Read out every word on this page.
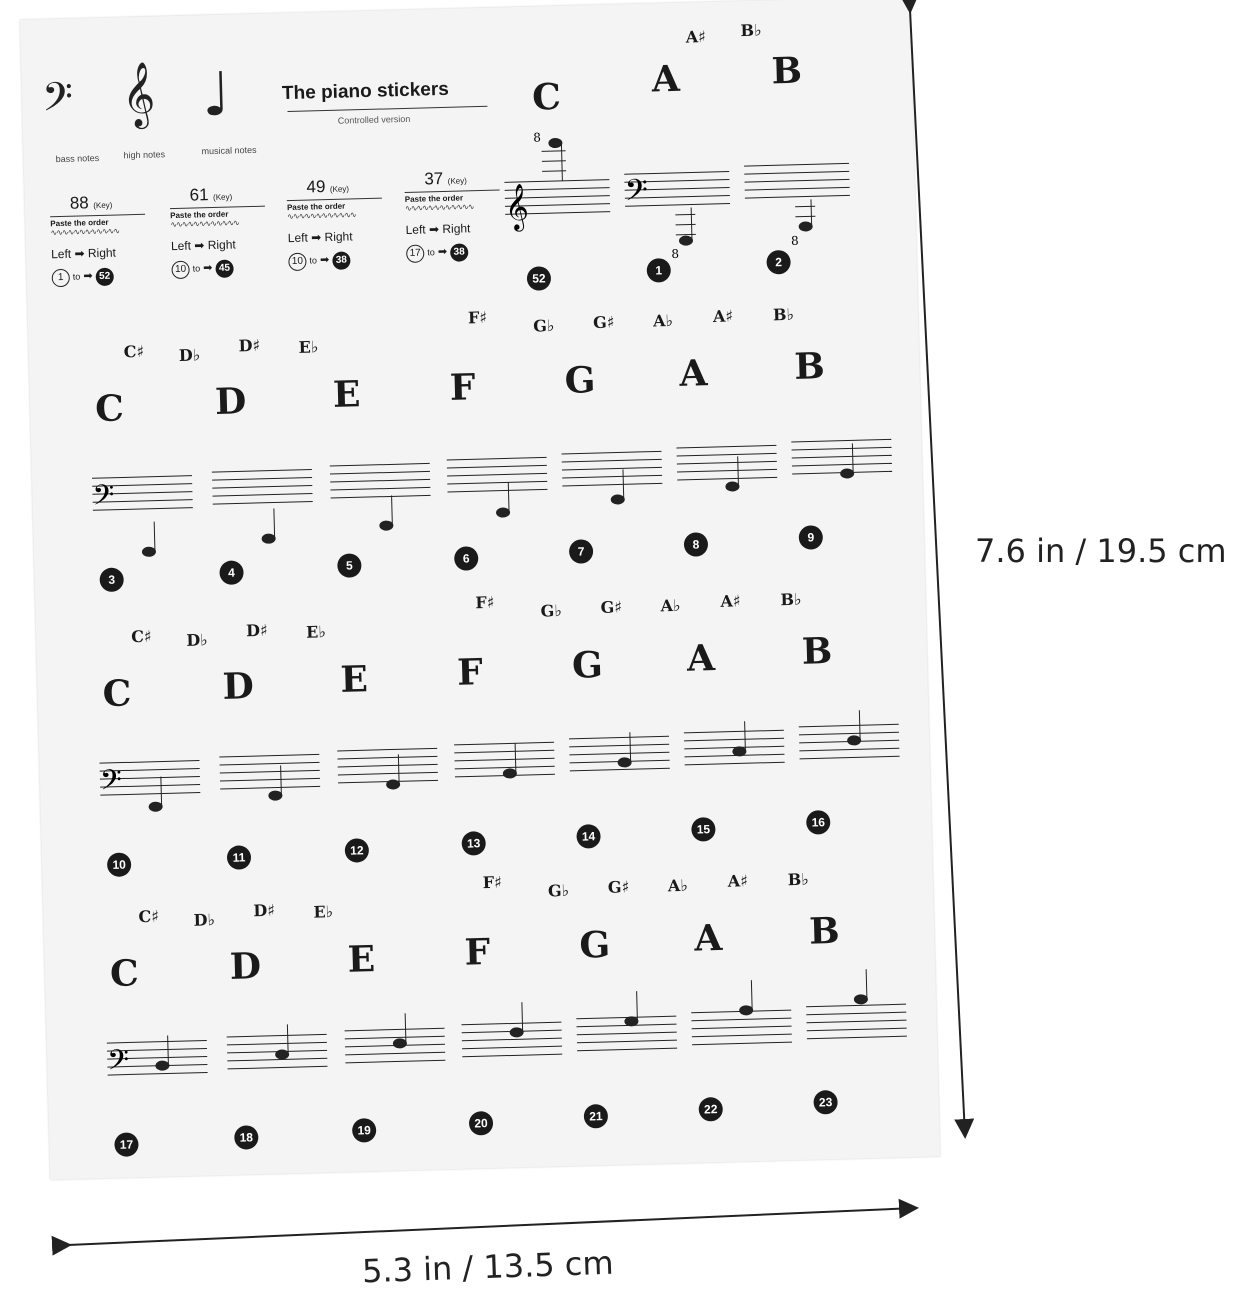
𝄢
bass notes
𝄞
high notes
♩
musical notes
The piano stickers
Controlled version
88 (Key)
Paste the order
∿∿∿∿∿∿∿∿∿∿∿∿
Left ➡ Right
1 to ➡ 52
61 (Key)
Paste the order
∿∿∿∿∿∿∿∿∿∿∿∿
Left ➡ Right
10 to ➡ 45
49 (Key)
Paste the order
∿∿∿∿∿∿∿∿∿∿∿∿
Left ➡ Right
10 to ➡ 38
37 (Key)
Paste the order
∿∿∿∿∿∿∿∿∿∿∿∿
Left ➡ Right
17 to ➡ 38
C A	B
A♯ B♭
8
𝄞	𝄢
8
8
52
1
2
C	D E F G A B
C♯ D♭ D♯ E♭
F♯	G♭ G♯ A♭ A♯ B♭
𝄢
3
4
5	6	7	8	9
C	D E F G A B
C♯ D♭ D♯ E♭
F♯	G♭ G♯ A♭ A♯ B♭
𝄢
10	11	12	13	14	15	16
C	D E F G A B
C♯ D♭ D♯ E♭
F♯	G♭ G♯ A♭ A♯ B♭
𝄢
17	18	19	20	21	22	23
7.6 in / 19.5 cm
5.3 in / 13.5 cm
